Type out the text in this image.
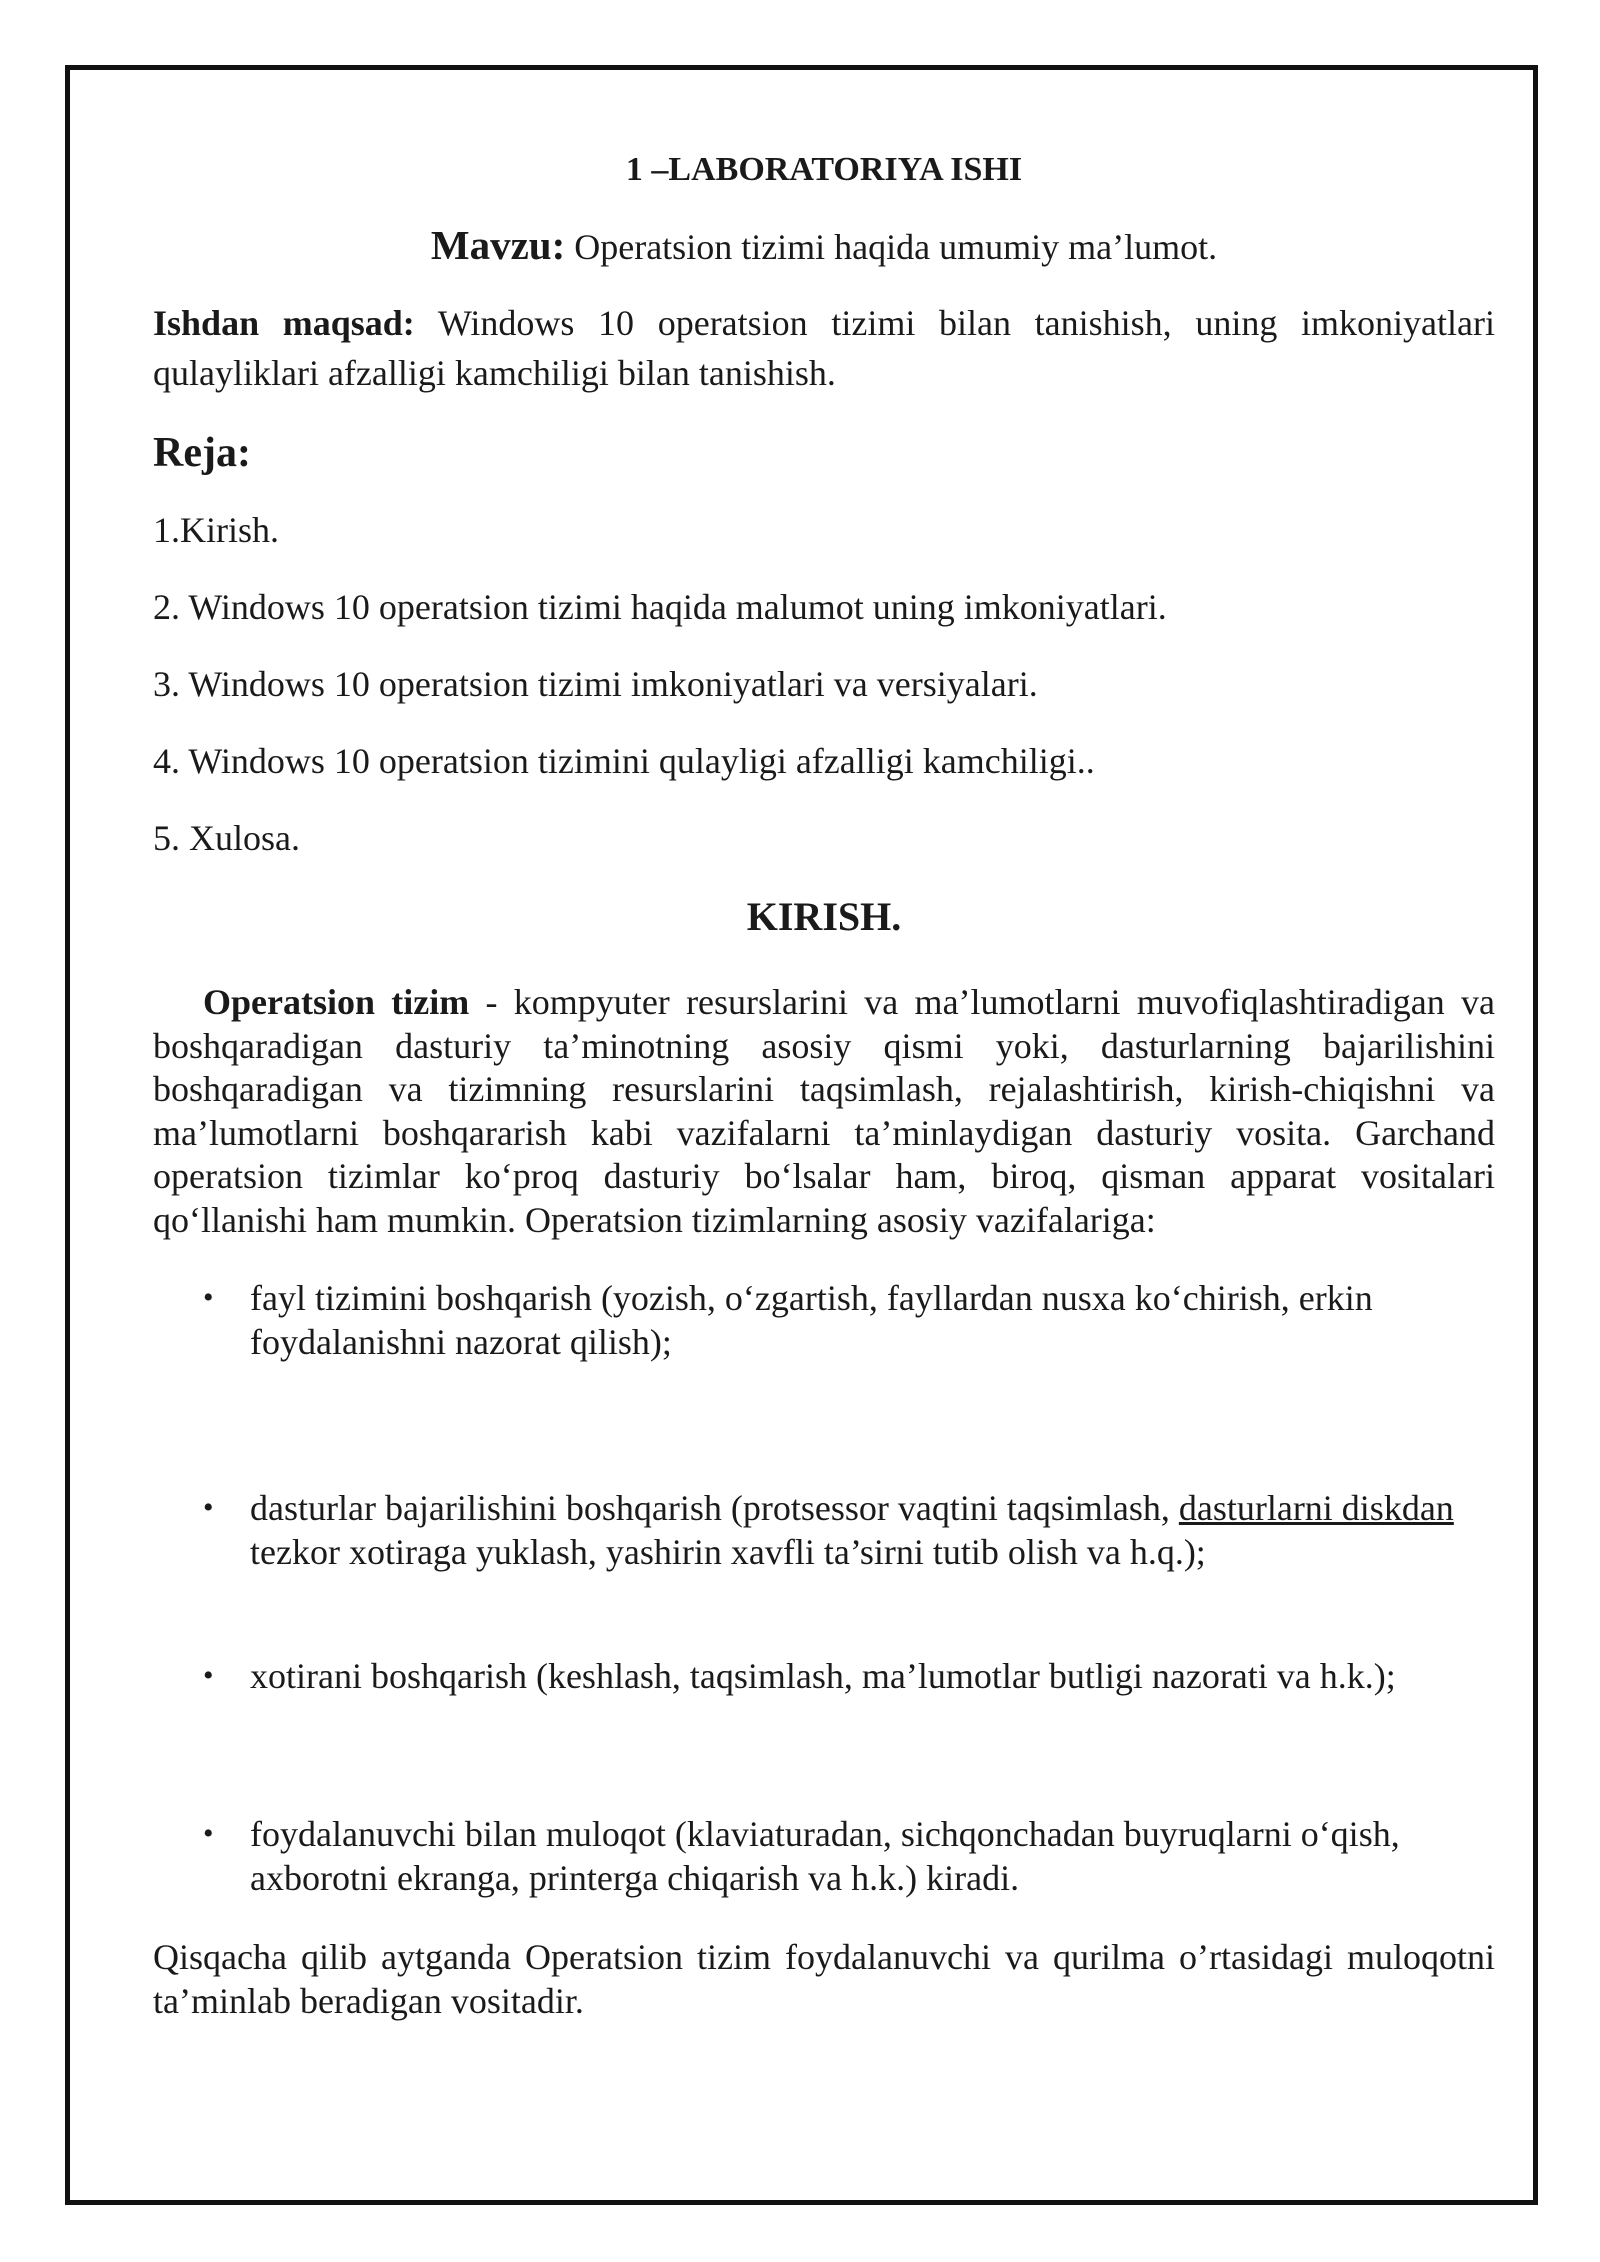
1 –LABORATORIYA ISHI

Mavzu: Operatsion tizimi haqida umumiy ma’lumot.

Ishdan maqsad: Windows 10 operatsion tizimi bilan tanishish, uning imkoniyatlari qulayliklari afzalligi kamchiligi bilan tanishish.

Reja:

1.Kirish.
2. Windows 10 operatsion tizimi haqida malumot uning imkoniyatlari.
3. Windows 10 operatsion tizimi imkoniyatlari va versiyalari.
4. Windows 10 operatsion tizimini qulayligi afzalligi kamchiligi..
5. Xulosa.

KIRISH.

Operatsion tizim - kompyuter resurslarini va ma’lumotlarni muvofiqlashtiradigan va boshqaradigan dasturiy ta’minotning asosiy qismi yoki, dasturlarning bajarilishini boshqaradigan va tizimning resurslarini taqsimlash, rejalashtirish, kirish-chiqishni va ma’lumotlarni boshqararish kabi vazifalarni ta’minlaydigan dasturiy vosita. Garchand operatsion tizimlar ko‘proq dasturiy bo‘lsalar ham, biroq, qisman apparat vositalari qo‘llanishi ham mumkin. Operatsion tizimlarning asosiy vazifalariga:

• fayl tizimini boshqarish (yozish, o‘zgartish, fayllardan nusxa ko‘chirish, erkin foydalanishni nazorat qilish);
• dasturlar bajarilishini boshqarish (protsessor vaqtini taqsimlash, dasturlarni diskdan tezkor xotiraga yuklash, yashirin xavfli ta’sirni tutib olish va h.q.);
• xotirani boshqarish (keshlash, taqsimlash, ma’lumotlar butligi nazorati va h.k.);
• foydalanuvchi bilan muloqot (klaviaturadan, sichqonchadan buyruqlarni o‘qish, axborotni ekranga, printerga chiqarish va h.k.) kiradi.

Qisqacha qilib aytganda Operatsion tizim foydalanuvchi va qurilma o’rtasidagi muloqotni ta’minlab beradigan vositadir.
